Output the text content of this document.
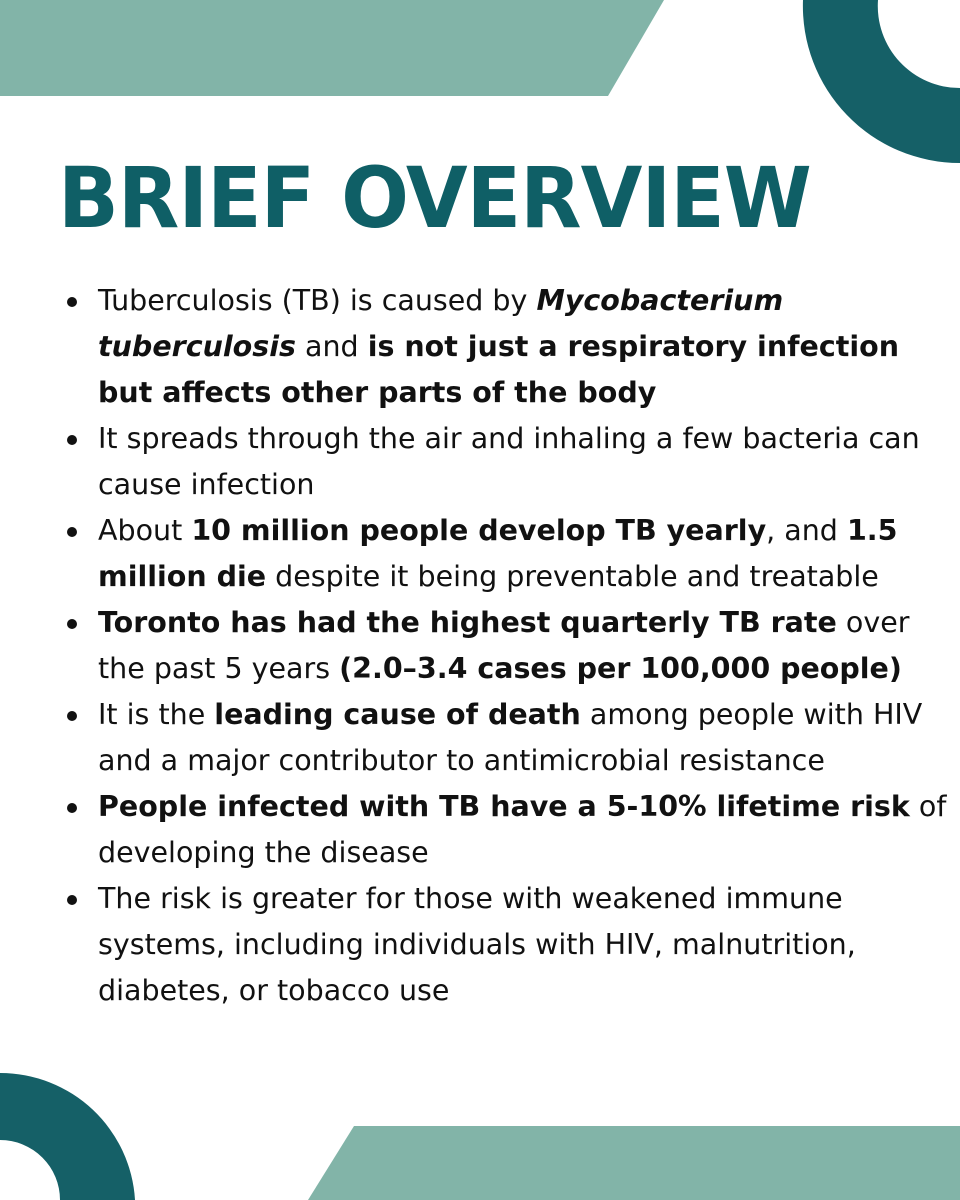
BRIEF OVERVIEW
Tuberculosis (TB) is caused by Mycobacterium tuberculosis and is not just a respiratory infection but affects other parts of the body
It spreads through the air and inhaling a few bacteria can cause infection
About 10 million people develop TB yearly, and 1.5 million die despite it being preventable and treatable
Toronto has had the highest quarterly TB rate over the past 5 years (2.0–3.4 cases per 100,000 people)
It is the leading cause of death among people with HIV and a major contributor to antimicrobial resistance
People infected with TB have a 5-10% lifetime risk of developing the disease
The risk is greater for those with weakened immune systems, including individuals with HIV, malnutrition, diabetes, or tobacco use
